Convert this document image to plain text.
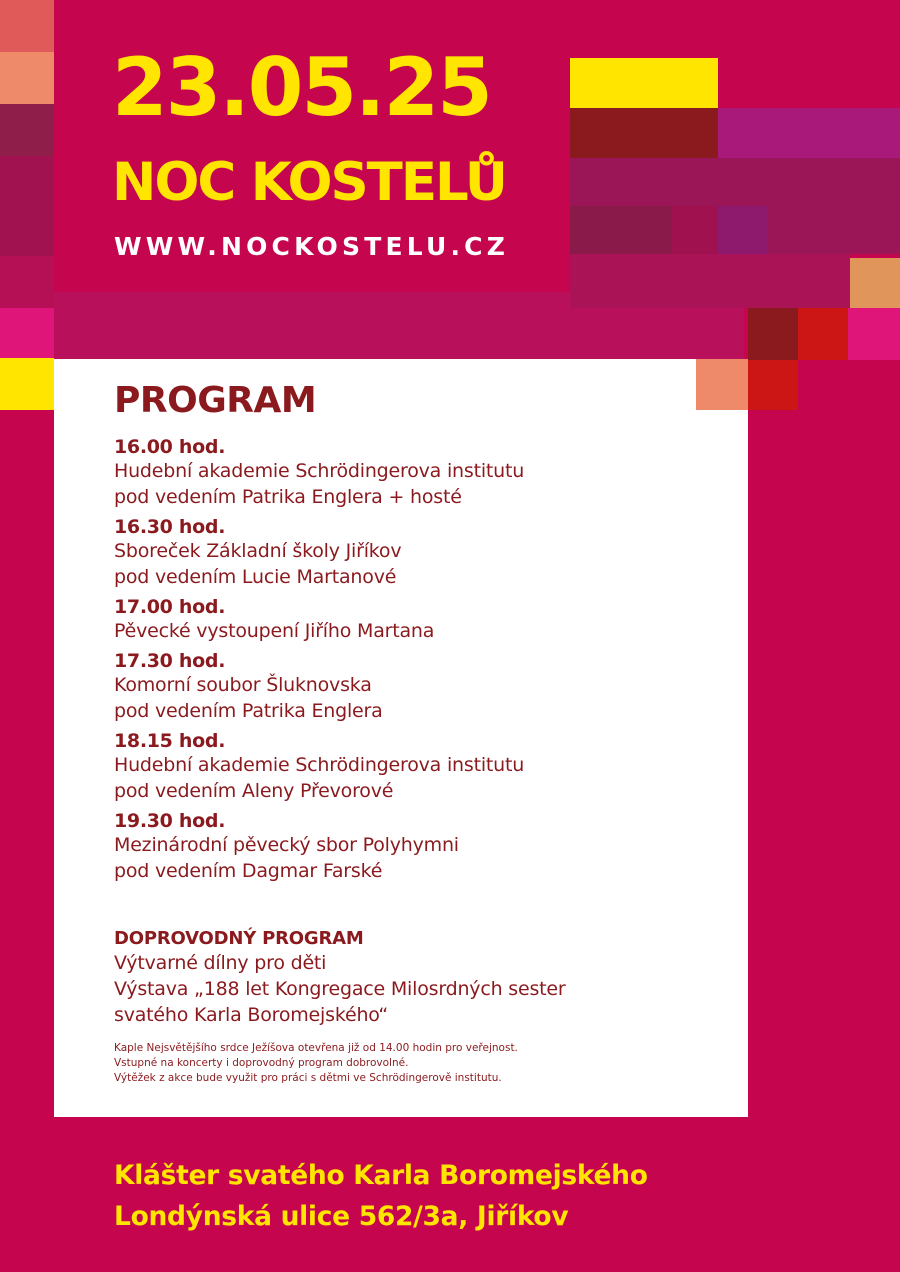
23.05.25
NOC KOSTELŮ
WWW.NOCKOSTELU.CZ
PROGRAM
16.00 hod.
Hudební akademie Schrödingerova institutu
pod vedením Patrika Englera + hosté
16.30 hod.
Sboreček Základní školy Jiříkov
pod vedením Lucie Martanové
17.00 hod.
Pěvecké vystoupení Jiřího Martana
17.30 hod.
Komorní soubor Šluknovska
pod vedením Patrika Englera
18.15 hod.
Hudební akademie Schrödingerova institutu
pod vedením Aleny Převorové
19.30 hod.
Mezinárodní pěvecký sbor Polyhymni
pod vedením Dagmar Farské
DOPROVODNÝ PROGRAM
Výtvarné dílny pro děti
Výstava „188 let Kongregace Milosrdných sester
svatého Karla Boromejského“
Kaple Nejsvětějšího srdce Ježíšova otevřena již od 14.00 hodin pro veřejnost.
Vstupné na koncerty i doprovodný program dobrovolné.
Výtěžek z akce bude využit pro práci s dětmi ve Schrödingerově institutu.
Klášter svatého Karla Boromejského
Londýnská ulice 562/3a, Jiříkov
